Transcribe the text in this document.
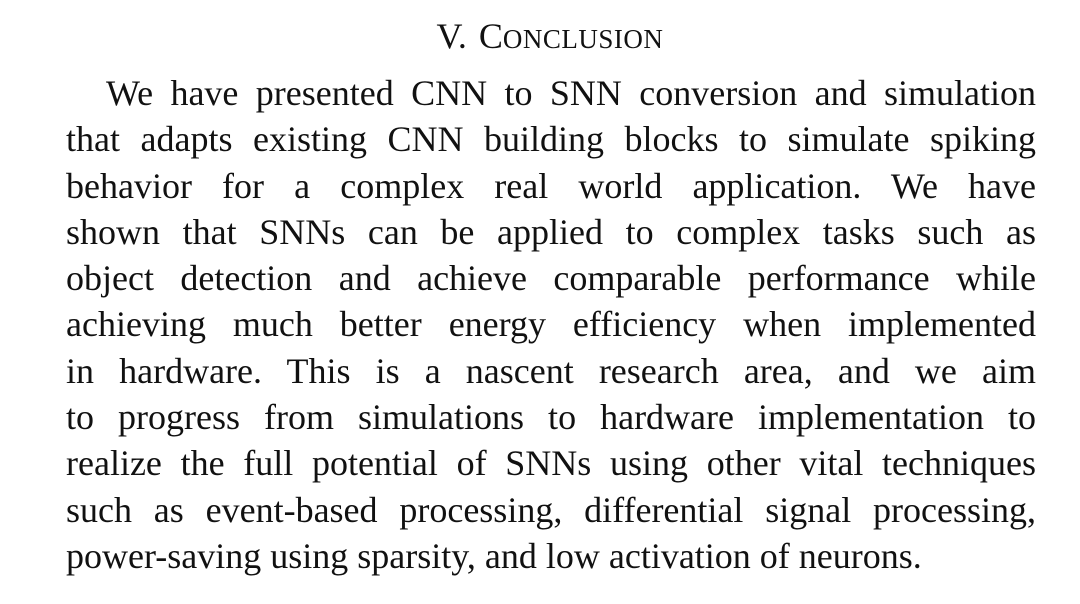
V. CONCLUSION
We have presented CNN to SNN conversion and simulation
that adapts existing CNN building blocks to simulate spiking
behavior for a complex real world application. We have
shown that SNNs can be applied to complex tasks such as
object detection and achieve comparable performance while
achieving much better energy efficiency when implemented
in hardware. This is a nascent research area, and we aim
to progress from simulations to hardware implementation to
realize the full potential of SNNs using other vital techniques
such as event-based processing, differential signal processing,
power-saving using sparsity, and low activation of neurons.
